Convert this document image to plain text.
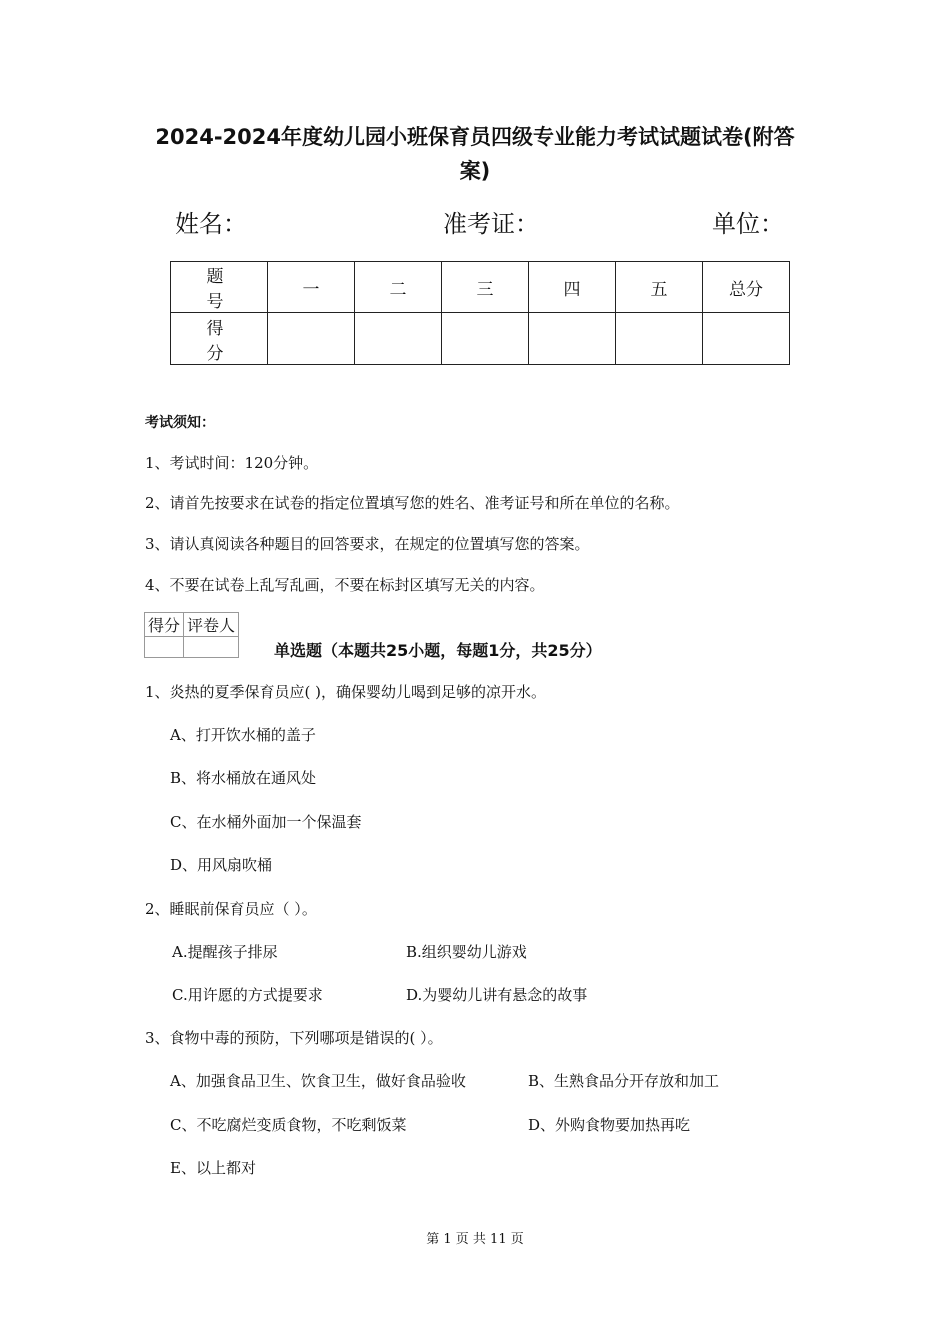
2024-2024年度幼儿园小班保育员四级专业能力考试试题试卷(附答
案)
姓名：	准考证：	单位：
题 号	一	二	三	四	五	总分
得 分						
考试须知：
1、考试时间：120分钟。
2、请首先按要求在试卷的指定位置填写您的姓名、准考证号和所在单位的名称。
3、请认真阅读各种题目的回答要求，在规定的位置填写您的答案。
4、不要在试卷上乱写乱画，不要在标封区填写无关的内容。
得分	评卷人

单选题（本题共25小题，每题1分，共25分）
1、炎热的夏季保育员应( )，确保婴幼儿喝到足够的凉开水。
A、打开饮水桶的盖子
B、将水桶放在通风处
C、在水桶外面加一个保温套
D、用风扇吹桶
2、睡眠前保育员应（ ）。
A.提醒孩子排尿	B.组织婴幼儿游戏
C.用许愿的方式提要求	D.为婴幼儿讲有悬念的故事
3、食物中毒的预防，下列哪项是错误的( ）。
A、加强食品卫生、饮食卫生，做好食品验收	B、生熟食品分开存放和加工
C、不吃腐烂变质食物，不吃剩饭菜	D、外购食物要加热再吃
E、以上都对
第 1 页 共 11 页
